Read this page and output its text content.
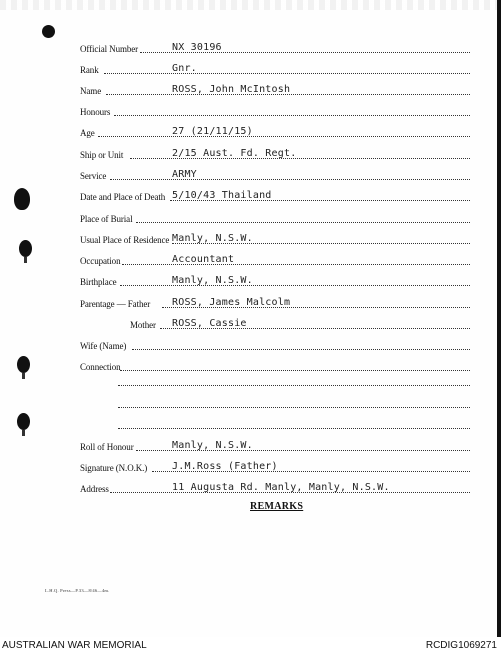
Official Number	NX 30196
Rank	Gnr.
Name	ROSS, John McIntosh
Honours
Age	27 (21/11/15)
Ship or Unit	2/15 Aust. Fd. Regt.
Service	ARMY
Date and Place of Death 5/10/43 Thailand
Place of Burial
Usual Place of Residence Manly, N.S.W.
Occupation	Accountant
Birthplace	Manly, N.S.W.
Parentage — Father ROSS, James Malcolm
Mother ROSS, Cassie
Wife (Name)
Connection
Roll of Honour	Manly, N.S.W.
Signature (N.O.K.) J.M.Ross (Father)
Address	11 Augusta Rd. Manly, Manly, N.S.W.
REMARKS
L.H.Q. Press—P.33—8/46—4m.
AUSTRALIAN WAR MEMORIAL	RCDIG1069271
